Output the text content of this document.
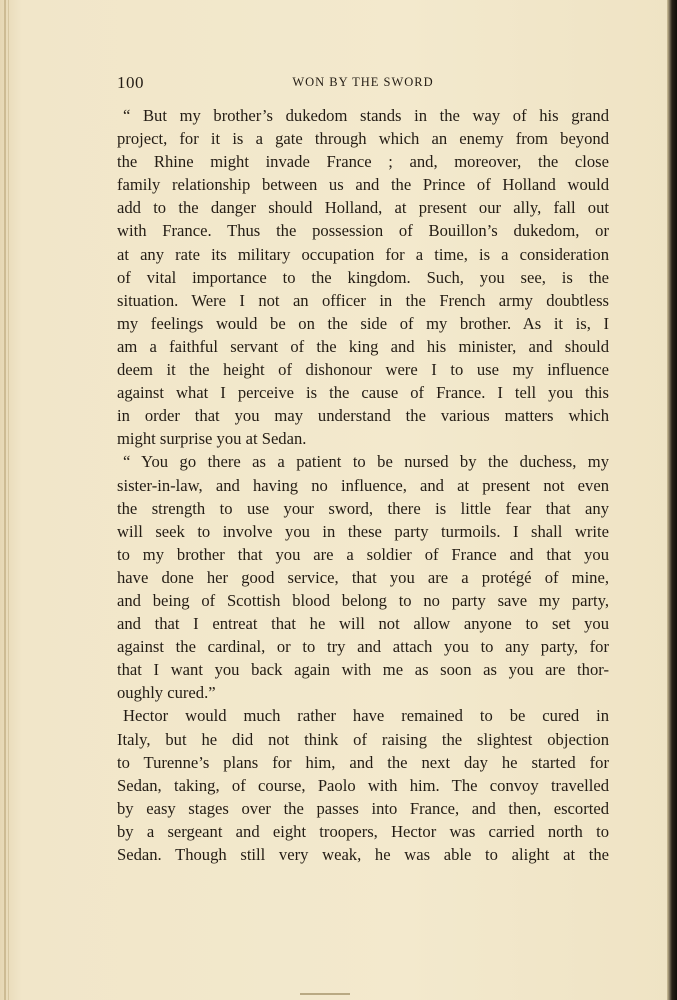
100	WON BY THE SWORD
“ But my brother’s dukedom stands in the way of his grand
project, for it is a gate through which an enemy from beyond
the Rhine might invade France ; and, moreover, the close
family relationship between us and the Prince of Holland would
add to the danger should Holland, at present our ally, fall out
with France. Thus the possession of Bouillon’s dukedom, or
at any rate its military occupation for a time, is a consideration
of vital importance to the kingdom. Such, you see, is the
situation. Were I not an officer in the French army doubtless
my feelings would be on the side of my brother. As it is, I
am a faithful servant of the king and his minister, and should
deem it the height of dishonour were I to use my influence
against what I perceive is the cause of France. I tell you this
in order that you may understand the various matters which
might surprise you at Sedan.
“ You go there as a patient to be nursed by the duchess, my
sister-in-law, and having no influence, and at present not even
the strength to use your sword, there is little fear that any
will seek to involve you in these party turmoils. I shall write
to my brother that you are a soldier of France and that you
have done her good service, that you are a protégé of mine,
and being of Scottish blood belong to no party save my party,
and that I entreat that he will not allow anyone to set you
against the cardinal, or to try and attach you to any party, for
that I want you back again with me as soon as you are thor-
oughly cured.”
Hector would much rather have remained to be cured in
Italy, but he did not think of raising the slightest objection
to Turenne’s plans for him, and the next day he started for
Sedan, taking, of course, Paolo with him. The convoy travelled
by easy stages over the passes into France, and then, escorted
by a sergeant and eight troopers, Hector was carried north to
Sedan. Though still very weak, he was able to alight at the
